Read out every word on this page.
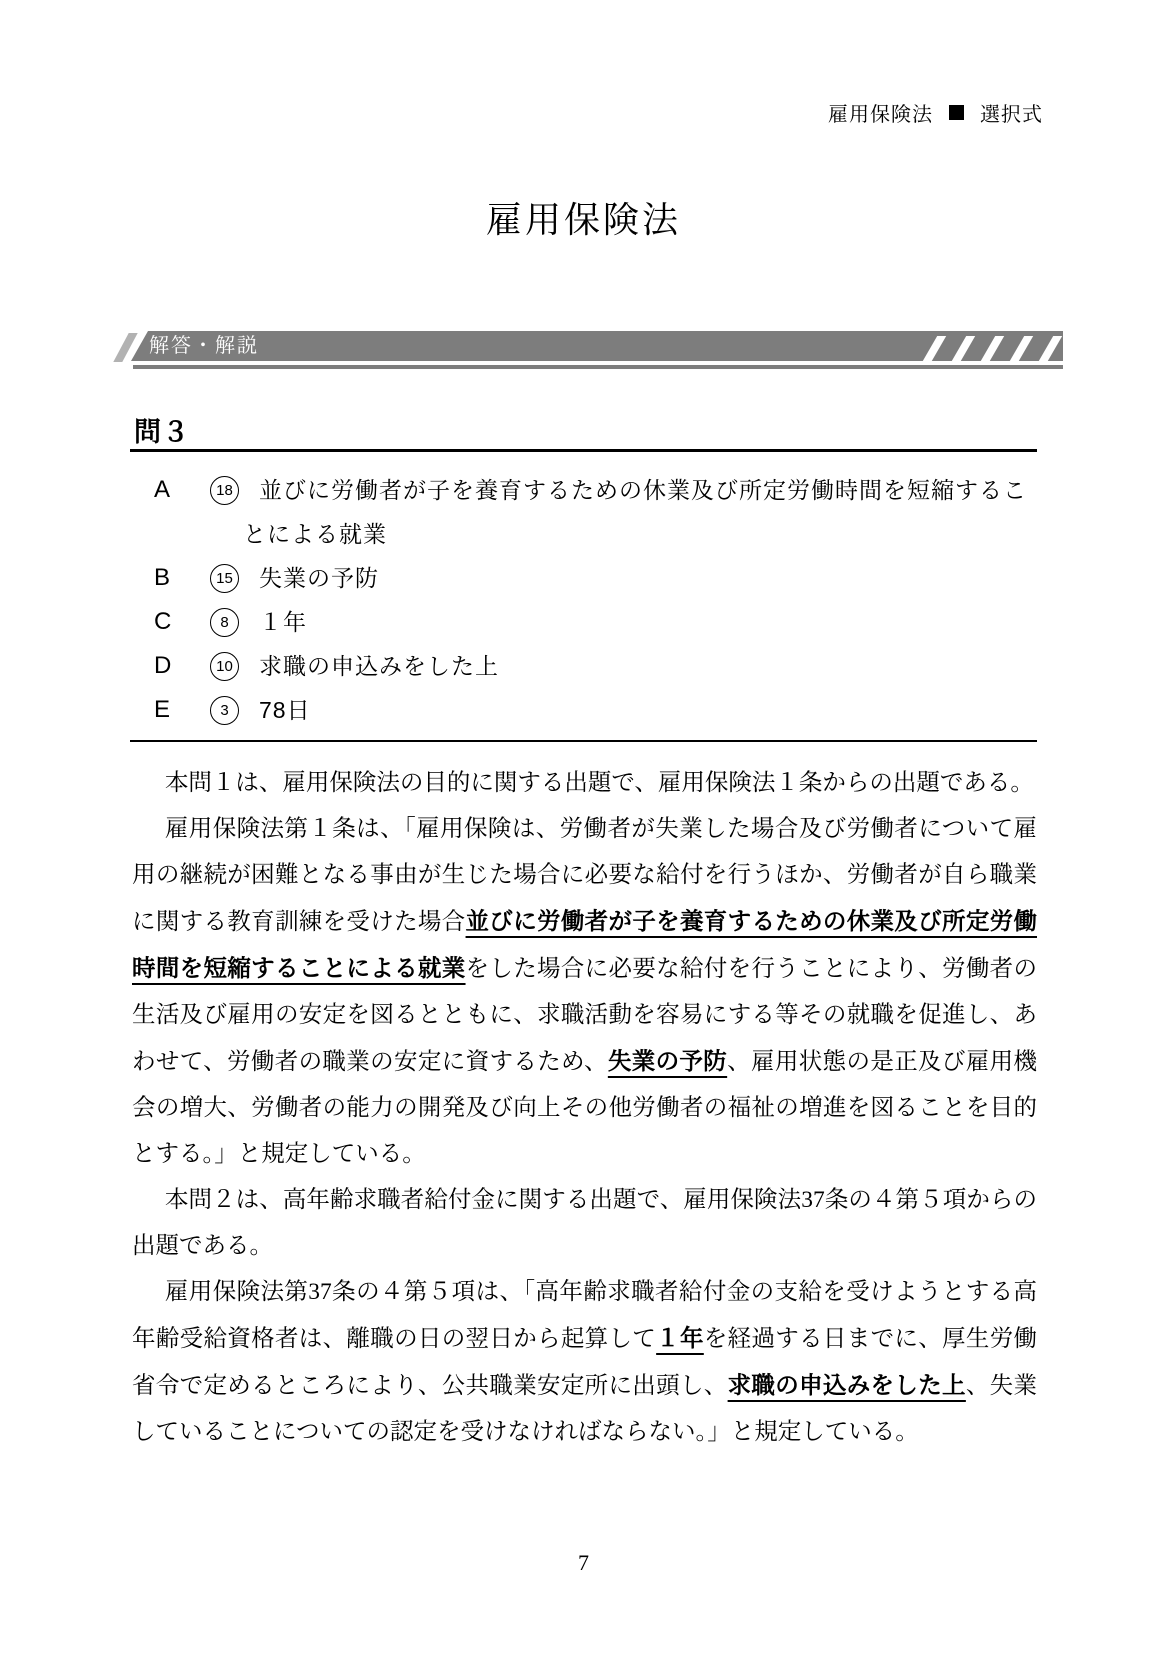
雇用保険法 選択式
雇用保険法
解答・解説
問３
A	18	並びに労働者が子を養育するための休業及び所定労働時間を短縮することによる就業
B	15	失業の予防
C	8	１年
D	10	求職の申込みをした上
E	3	78日

本問１は、雇用保険法の目的に関する出題で、雇用保険法１条からの出題である。

雇用保険法第１条は、「雇用保険は、労働者が失業した場合及び労働者について雇用の継続が困難となる事由が生じた場合に必要な給付を行うほか、労働者が自ら職業に関する教育訓練を受けた場合並びに労働者が子を養育するための休業及び所定労働時間を短縮することによる就業をした場合に必要な給付を行うことにより、労働者の生活及び雇用の安定を図るとともに、求職活動を容易にする等その就職を促進し、あわせて、労働者の職業の安定に資するため、失業の予防、雇用状態の是正及び雇用機会の増大、労働者の能力の開発及び向上その他労働者の福祉の増進を図ることを目的とする。」と規定している。

本問２は、高年齢求職者給付金に関する出題で、雇用保険法37条の４第５項からの出題である。

雇用保険法第37条の４第５項は、「高年齢求職者給付金の支給を受けようとする高年齢受給資格者は、離職の日の翌日から起算して１年を経過する日までに、厚生労働省令で定めるところにより、公共職業安定所に出頭し、求職の申込みをした上、失業していることについての認定を受けなければならない。」と規定している。

7
